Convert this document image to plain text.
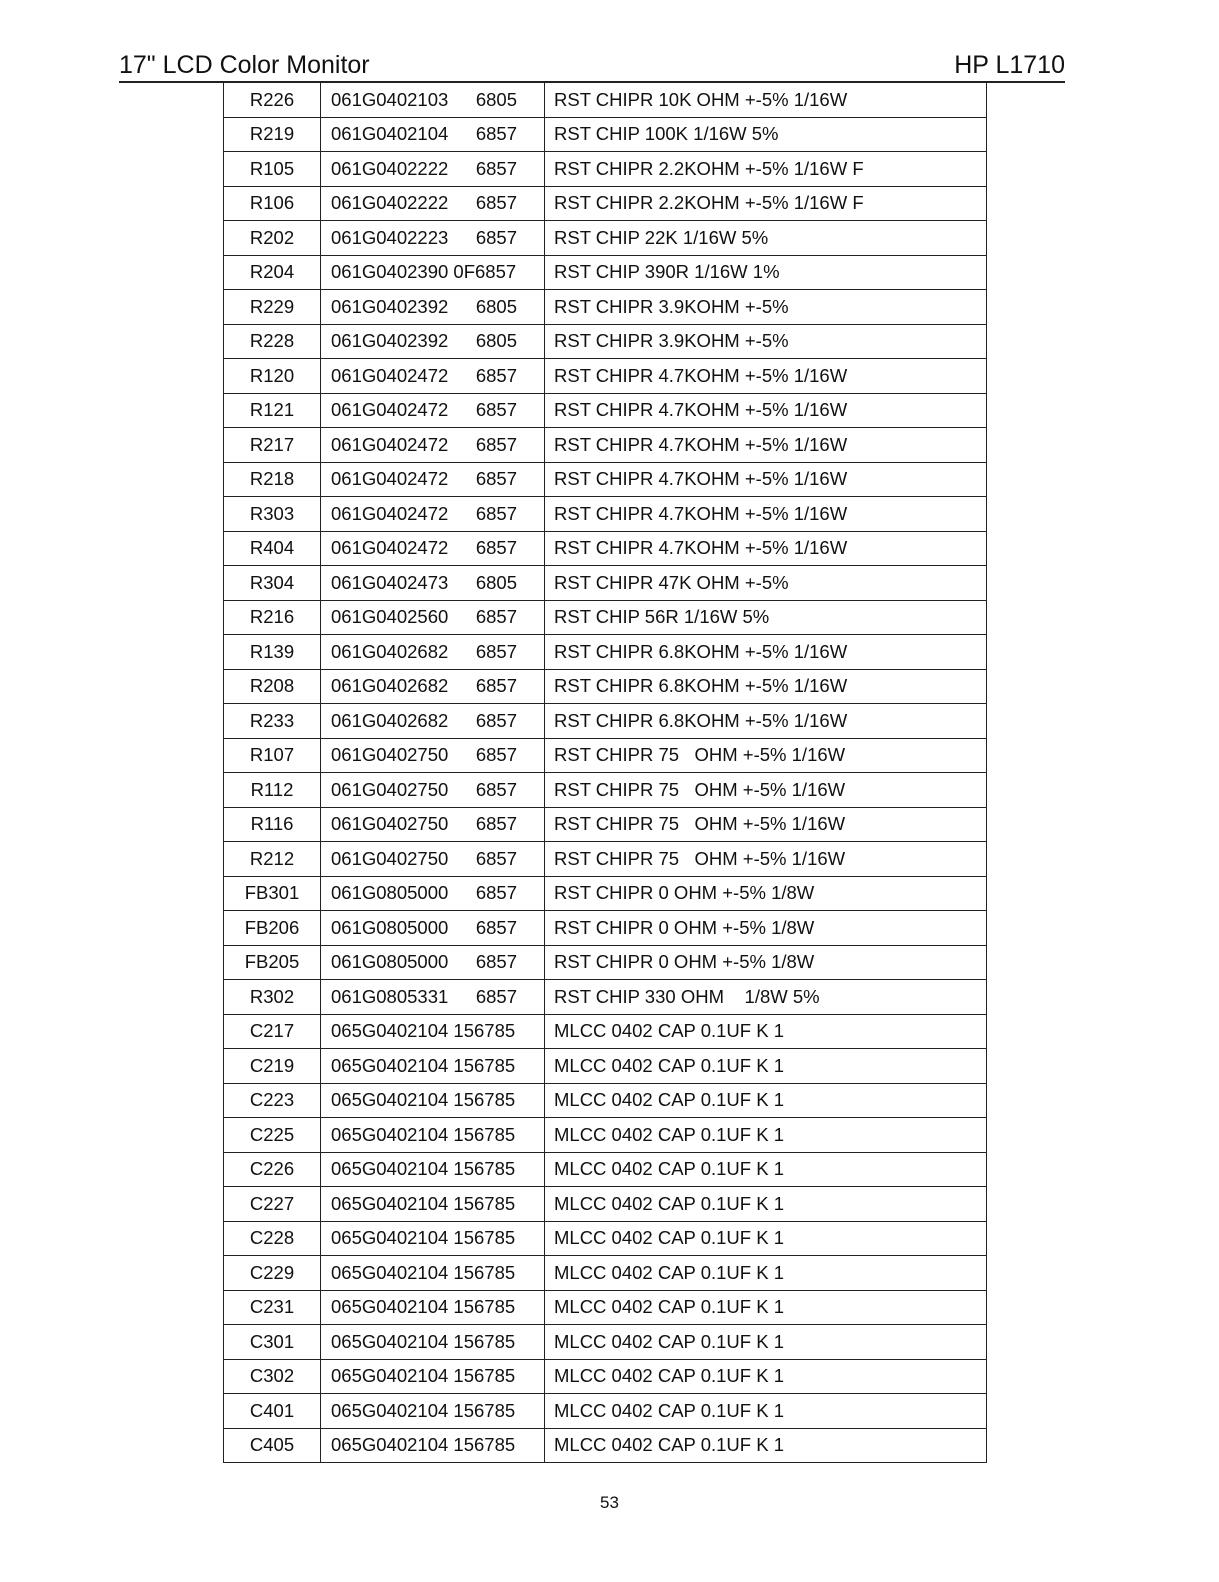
17" LCD Color Monitor	HP L1710
R226	061G0402103 6805	RST CHIPR 10K OHM +-5% 1/16W
R219	061G0402104 6857	RST CHIP 100K 1/16W 5%
R105	061G0402222 6857	RST CHIPR 2.2KOHM +-5% 1/16W F
R106	061G0402222 6857	RST CHIPR 2.2KOHM +-5% 1/16W F
R202	061G0402223 6857	RST CHIP 22K 1/16W 5%
R204	061G0402390 0F6857	RST CHIP 390R 1/16W 1%
R229	061G0402392 6805	RST CHIPR 3.9KOHM +-5%
R228	061G0402392 6805	RST CHIPR 3.9KOHM +-5%
R120	061G0402472 6857	RST CHIPR 4.7KOHM +-5% 1/16W
R121	061G0402472 6857	RST CHIPR 4.7KOHM +-5% 1/16W
R217	061G0402472 6857	RST CHIPR 4.7KOHM +-5% 1/16W
R218	061G0402472 6857	RST CHIPR 4.7KOHM +-5% 1/16W
R303	061G0402472 6857	RST CHIPR 4.7KOHM +-5% 1/16W
R404	061G0402472 6857	RST CHIPR 4.7KOHM +-5% 1/16W
R304	061G0402473 6805	RST CHIPR 47K OHM +-5%
R216	061G0402560 6857	RST CHIP 56R 1/16W 5%
R139	061G0402682 6857	RST CHIPR 6.8KOHM +-5% 1/16W
R208	061G0402682 6857	RST CHIPR 6.8KOHM +-5% 1/16W
R233	061G0402682 6857	RST CHIPR 6.8KOHM +-5% 1/16W
R107	061G0402750 6857	RST CHIPR 75   OHM +-5% 1/16W
R112	061G0402750 6857	RST CHIPR 75   OHM +-5% 1/16W
R116	061G0402750 6857	RST CHIPR 75   OHM +-5% 1/16W
R212	061G0402750 6857	RST CHIPR 75   OHM +-5% 1/16W
FB301	061G0805000 6857	RST CHIPR 0 OHM +-5% 1/8W
FB206	061G0805000 6857	RST CHIPR 0 OHM +-5% 1/8W
FB205	061G0805000 6857	RST CHIPR 0 OHM +-5% 1/8W
R302	061G0805331 6857	RST CHIP 330 OHM    1/8W 5%
C217	065G0402104 156785	MLCC 0402 CAP 0.1UF K 1
C219	065G0402104 156785	MLCC 0402 CAP 0.1UF K 1
C223	065G0402104 156785	MLCC 0402 CAP 0.1UF K 1
C225	065G0402104 156785	MLCC 0402 CAP 0.1UF K 1
C226	065G0402104 156785	MLCC 0402 CAP 0.1UF K 1
C227	065G0402104 156785	MLCC 0402 CAP 0.1UF K 1
C228	065G0402104 156785	MLCC 0402 CAP 0.1UF K 1
C229	065G0402104 156785	MLCC 0402 CAP 0.1UF K 1
C231	065G0402104 156785	MLCC 0402 CAP 0.1UF K 1
C301	065G0402104 156785	MLCC 0402 CAP 0.1UF K 1
C302	065G0402104 156785	MLCC 0402 CAP 0.1UF K 1
C401	065G0402104 156785	MLCC 0402 CAP 0.1UF K 1
C405	065G0402104 156785	MLCC 0402 CAP 0.1UF K 1
53
